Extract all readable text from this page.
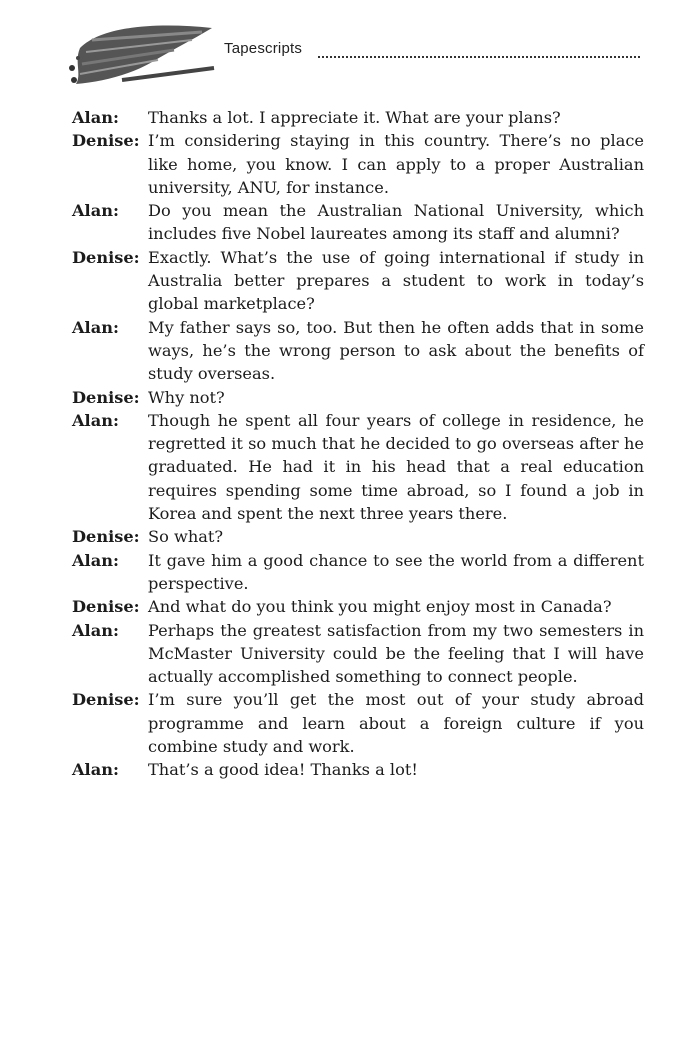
Tapescripts
Alan:	Thanks a lot. I appreciate it. What are your plans?
Denise: I’m considering staying in this country. There’s no place like home, you know. I can apply to a proper Australian university, ANU, for instance.
Alan:	Do you mean the Australian National University, which includes five Nobel laureates among its staff and alumni?
Denise: Exactly. What’s the use of going international if study in Australia better prepares a student to work in today’s global marketplace?
Alan:	My father says so, too. But then he often adds that in some ways, he’s the wrong person to ask about the benefits of study overseas.
Denise: Why not?
Alan:	Though he spent all four years of college in residence, he regretted it so much that he decided to go overseas after he graduated. He had it in his head that a real education requires spending some time abroad, so I found a job in Korea and spent the next three years there.
Denise: So what?
Alan:	It gave him a good chance to see the world from a different perspective.
Denise: And what do you think you might enjoy most in Canada?
Alan:	Perhaps the greatest satisfaction from my two semesters in McMaster University could be the feeling that I will have actually accomplished something to connect people.
Denise: I’m sure you’ll get the most out of your study abroad programme and learn about a foreign culture if you combine study and work.
Alan:	That’s a good idea! Thanks a lot!
